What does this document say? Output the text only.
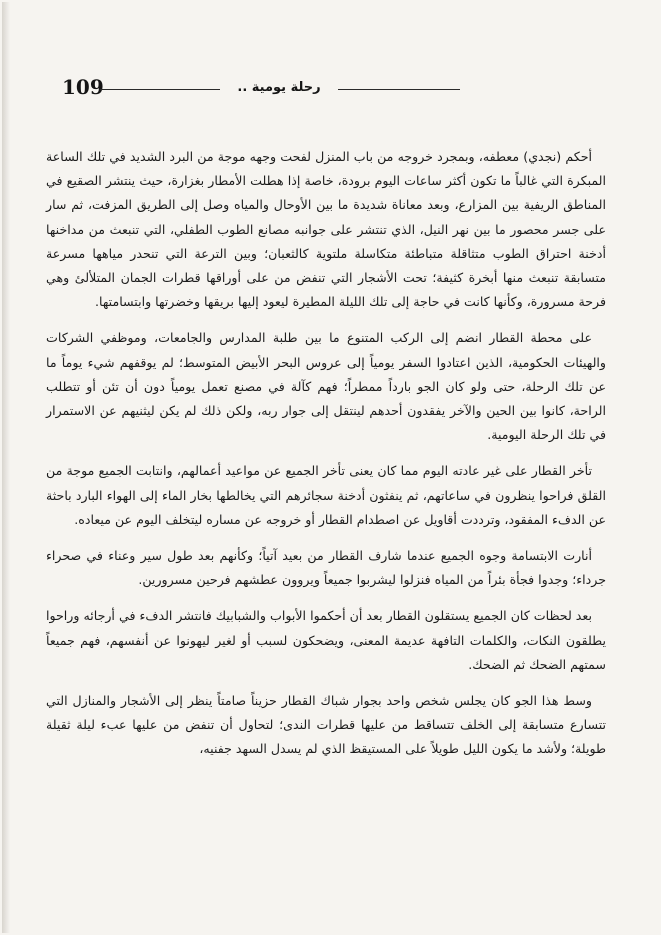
109	رحلة يومية ..

أحكم (نجدي) معطفه، وبمجرد خروجه من باب المنزل لفحت وجهه موجة من البرد الشديد في تلك الساعة المبكرة التي غالباً ما تكون أكثر ساعات اليوم برودة، خاصة إذا هطلت الأمطار بغزارة، حيث ينتشر الصقيع في المناطق الريفية بين المزارع، وبعد معاناة شديدة ما بين الأوحال والمياه وصل إلى الطريق المزفت، ثم سار على جسر محصور ما بين نهر النيل، الذي تنتشر على جوانبه مصانع الطوب الطفلي، التي تنبعث من مداخنها أدخنة احتراق الطوب متثاقلة متباطئة متكاسلة ملتوية كالثعبان؛ وبين الترعة التي تنحدر مياهها مسرعة متسابقة تنبعث منها أبخرة كثيفة؛ تحت الأشجار التي تنفض من على أوراقها قطرات الجمان المتلألئ وهي فرحة مسرورة، وكأنها كانت في حاجة إلى تلك الليلة المطيرة ليعود إليها بريقها وخضرتها وابتسامتها.

على محطة القطار انضم إلى الركب المتنوع ما بين طلبة المدارس والجامعات، وموظفي الشركات والهيئات الحكومية، الذين اعتادوا السفر يومياً إلى عروس البحر الأبيض المتوسط؛ لم يوقفهم شيء يوماً ما عن تلك الرحلة، حتى ولو كان الجو بارداً ممطراً؛ فهم كآلة في مصنع تعمل يومياً دون أن تئن أو تتطلب الراحة، كانوا بين الحين والآخر يفقدون أحدهم لينتقل إلى جوار ربه، ولكن ذلك لم يكن ليثنيهم عن الاستمرار في تلك الرحلة اليومية.

تأخر القطار على غير عادته اليوم مما كان يعنى تأخر الجميع عن مواعيد أعمالهم، وانتابت الجميع موجة من القلق فراحوا ينظرون في ساعاتهم، ثم ينفثون أدخنة سجائرهم التي يخالطها بخار الماء إلى الهواء البارد باحثة عن الدفء المفقود، وترددت أقاويل عن اصطدام القطار أو خروجه عن مساره ليتخلف اليوم عن ميعاده.

أنارت الابتسامة وجوه الجميع عندما شارف القطار من بعيد آتياً؛ وكأنهم بعد طول سير وعناء في صحراء جرداء؛ وجدوا فجأة بئراً من المياه فنزلوا ليشربوا جميعاً ويروون عطشهم فرحين مسرورين.

بعد لحظات كان الجميع يستقلون القطار بعد أن أحكموا الأبواب والشبابيك فانتشر الدفء في أرجائه وراحوا يطلقون النكات، والكلمات التافهة عديمة المعنى، ويضحكون لسبب أو لغير ليهونوا عن أنفسهم، فهم جميعاً سمتهم الضحك ثم الضحك.

وسط هذا الجو كان يجلس شخص واحد بجوار شباك القطار حزيناً صامتاً ينظر إلى الأشجار والمنازل التي تتسارع متسابقة إلى الخلف تتساقط من عليها قطرات الندى؛ لتحاول أن تنفض من عليها عبء ليلة ثقيلة طويلة؛ ولأشد ما يكون الليل طويلاً على المستيقظ الذي لم يسدل السهد جفنيه،
